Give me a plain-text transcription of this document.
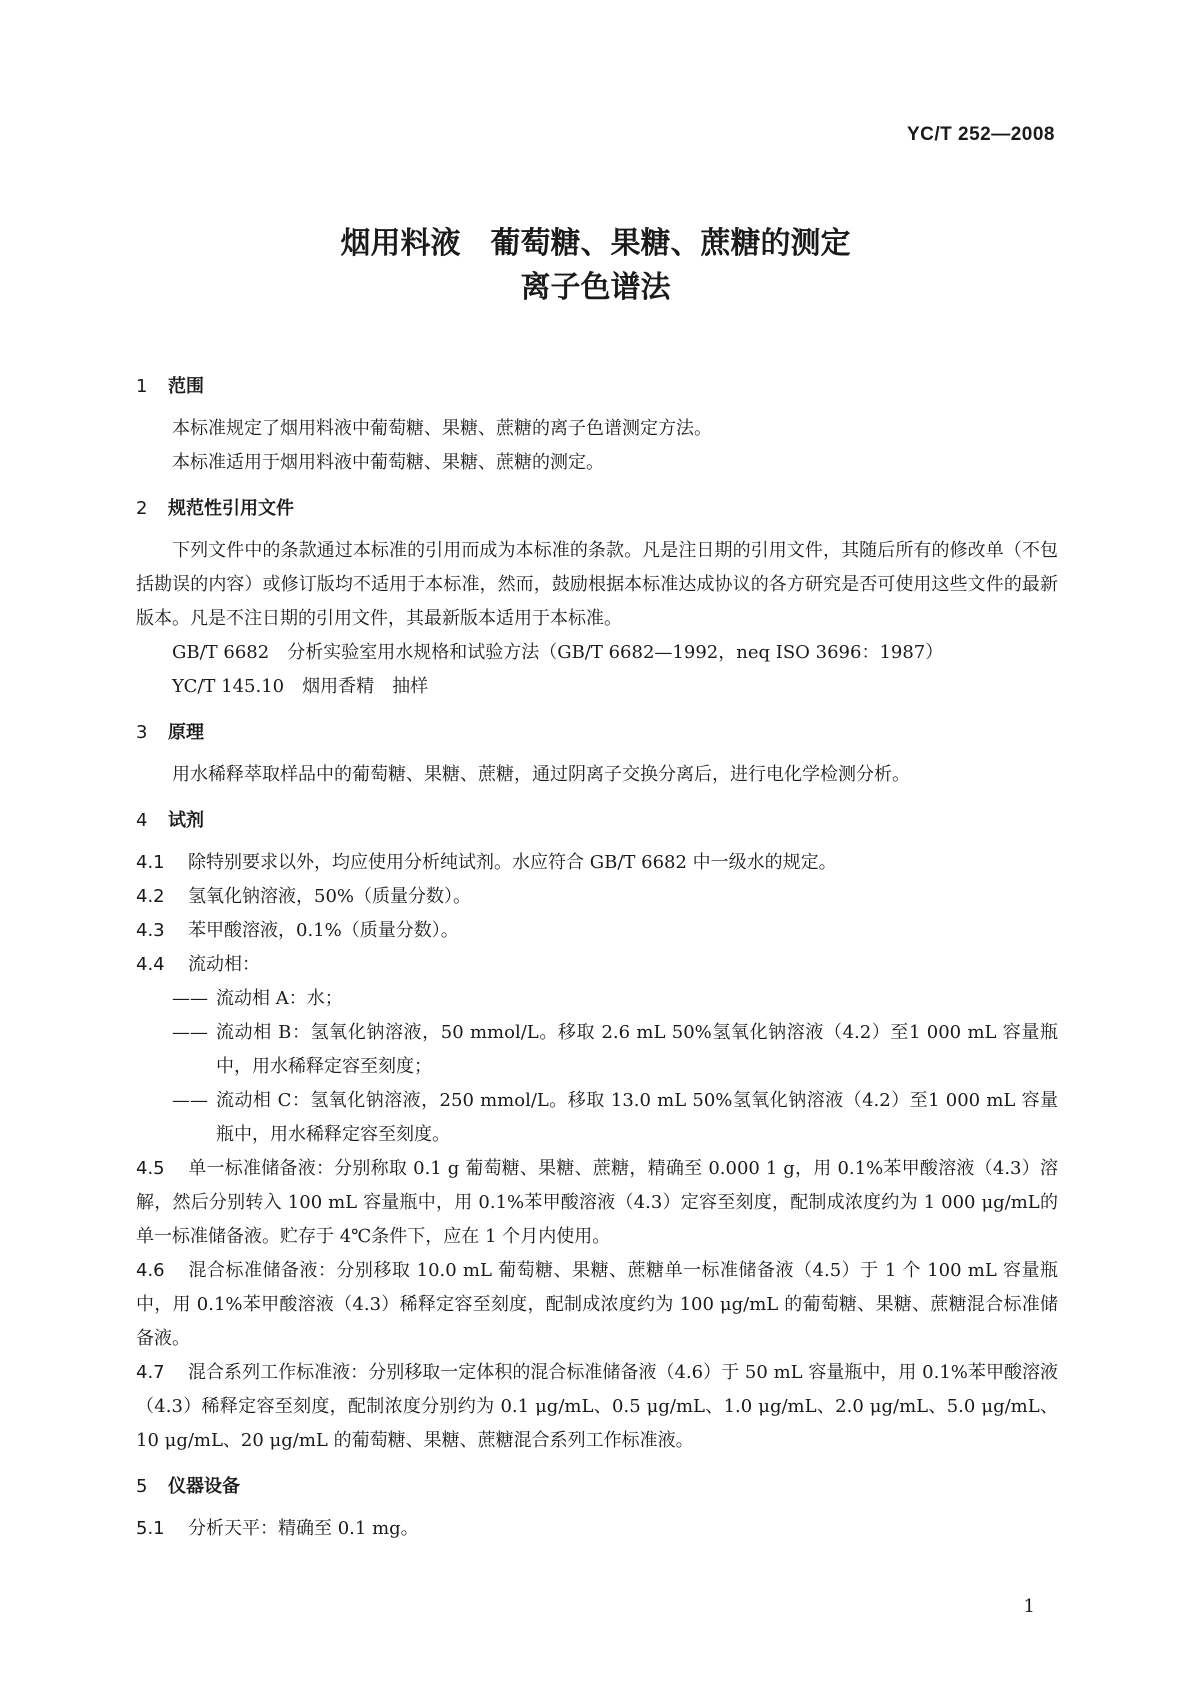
YC/T 252—2008
烟用料液　葡萄糖、果糖、蔗糖的测定
离子色谱法
1 范围

本标准规定了烟用料液中葡萄糖、果糖、蔗糖的离子色谱测定方法。

本标准适用于烟用料液中葡萄糖、果糖、蔗糖的测定。

2 规范性引用文件

下列文件中的条款通过本标准的引用而成为本标准的条款。凡是注日期的引用文件，其随后所有的修改单（不包括勘误的内容）或修订版均不适用于本标准，然而，鼓励根据本标准达成协议的各方研究是否可使用这些文件的最新版本。凡是不注日期的引用文件，其最新版本适用于本标准。

GB/T 6682　分析实验室用水规格和试验方法（GB/T 6682—1992，neq ISO 3696：1987）

YC/T 145.10　烟用香精　抽样

3 原理

用水稀释萃取样品中的葡萄糖、果糖、蔗糖，通过阴离子交换分离后，进行电化学检测分析。

4 试剂

4.1 除特别要求以外，均应使用分析纯试剂。水应符合 GB/T 6682 中一级水的规定。

4.2 氢氧化钠溶液，50%（质量分数）。

4.3 苯甲酸溶液，0.1%（质量分数）。

4.4 流动相：

—— 流动相 A：水；

—— 流动相 B：氢氧化钠溶液，50 mmol/L。移取 2.6 mL 50%氢氧化钠溶液（4.2）至1 000 mL 容量瓶中，用水稀释定容至刻度；

—— 流动相 C：氢氧化钠溶液，250 mmol/L。移取 13.0 mL 50%氢氧化钠溶液（4.2）至1 000 mL 容量瓶中，用水稀释定容至刻度。

4.5 单一标准储备液：分别称取 0.1 g 葡萄糖、果糖、蔗糖，精确至 0.000 1 g，用 0.1%苯甲酸溶液（4.3）溶解，然后分别转入 100 mL 容量瓶中，用 0.1%苯甲酸溶液（4.3）定容至刻度，配制成浓度约为 1 000 μg/mL的单一标准储备液。贮存于 4℃条件下，应在 1 个月内使用。

4.6 混合标准储备液：分别移取 10.0 mL 葡萄糖、果糖、蔗糖单一标准储备液（4.5）于 1 个 100 mL 容量瓶中，用 0.1%苯甲酸溶液（4.3）稀释定容至刻度，配制成浓度约为 100 μg/mL 的葡萄糖、果糖、蔗糖混合标准储备液。

4.7 混合系列工作标准液：分别移取一定体积的混合标准储备液（4.6）于 50 mL 容量瓶中，用 0.1%苯甲酸溶液（4.3）稀释定容至刻度，配制浓度分别约为 0.1 μg/mL、0.5 μg/mL、1.0 μg/mL、2.0 μg/mL、5.0 μg/mL、10 μg/mL、20 μg/mL 的葡萄糖、果糖、蔗糖混合系列工作标准液。

5 仪器设备

5.1 分析天平：精确至 0.1 mg。

1
